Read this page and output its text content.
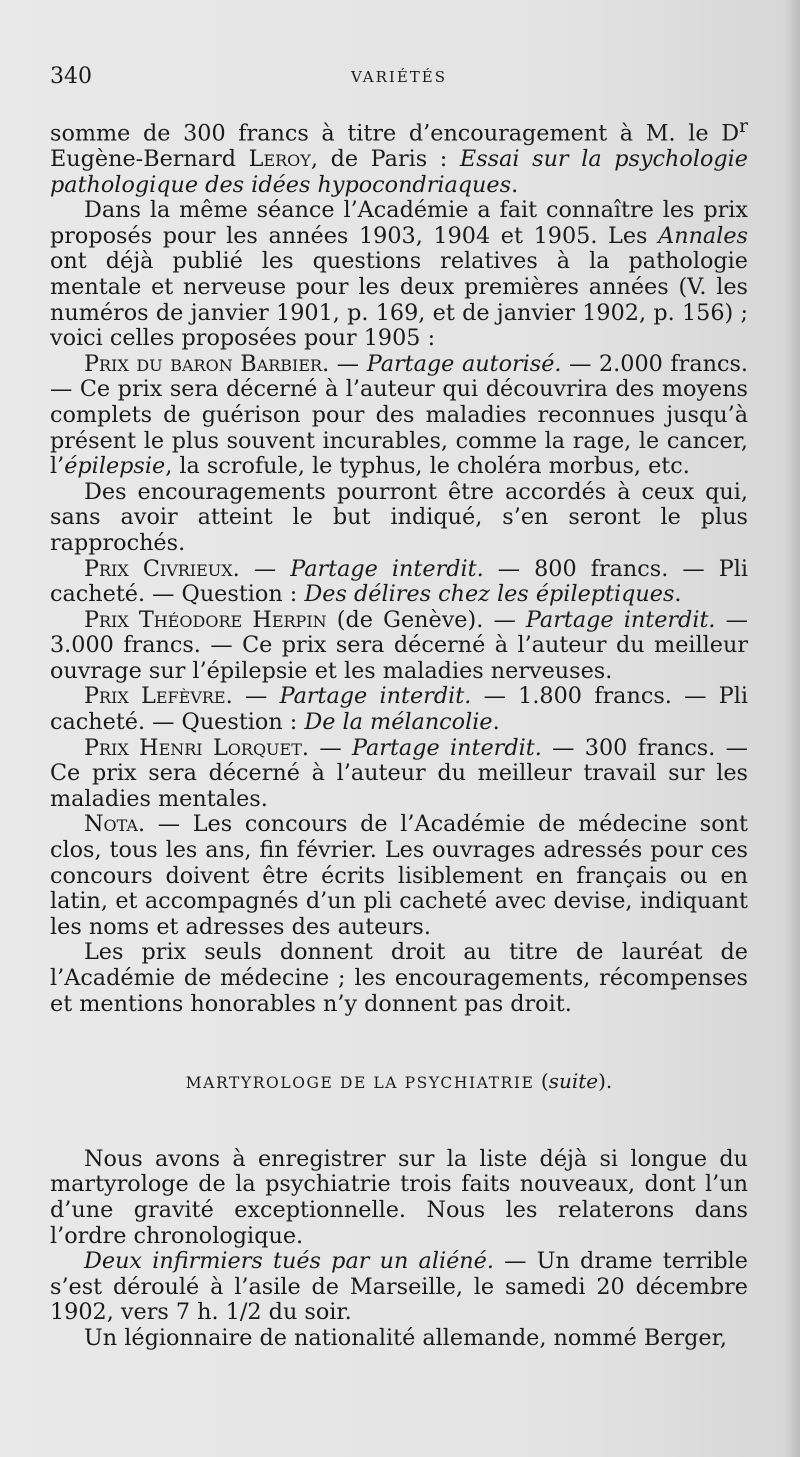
340	VARIÉTÉS

somme de 300 francs à titre d’encouragement à M. le $D^r$ Eugène-Bernard Leroy, de Paris : Essai sur la psychologie pathologique des idées hypocondriaques.

Dans la même séance l’Académie a fait connaître les prix proposés pour les années 1903, 1904 et 1905. Les Annales ont déjà publié les questions relatives à la pathologie mentale et nerveuse pour les deux premières années (V. les numéros de janvier 1901, p. 169, et de janvier 1902, p. 156) ; voici celles proposées pour 1905 :

Prix du baron Barbier. — Partage autorisé. — 2.000 francs. — Ce prix sera décerné à l’auteur qui découvrira des moyens complets de guérison pour des maladies reconnues jusqu’à présent le plus souvent incurables, comme la rage, le cancer, l’épilepsie, la scrofule, le typhus, le choléra morbus, etc.

Des encouragements pourront être accordés à ceux qui, sans avoir atteint le but indiqué, s’en seront le plus rapprochés.

Prix Civrieux. — Partage interdit. — 800 francs. — Pli cacheté. — Question : Des délires chez les épileptiques.

Prix Théodore Herpin (de Genève). — Partage interdit. — 3.000 francs. — Ce prix sera décerné à l’auteur du meilleur ouvrage sur l’épilepsie et les maladies nerveuses.

Prix Lefèvre. — Partage interdit. — 1.800 francs. — Pli cacheté. — Question : De la mélancolie.

Prix Henri Lorquet. — Partage interdit. — 300 francs. — Ce prix sera décerné à l’auteur du meilleur travail sur les maladies mentales.

Nota. — Les concours de l’Académie de médecine sont clos, tous les ans, fin février. Les ouvrages adressés pour ces concours doivent être écrits lisiblement en français ou en latin, et accompagnés d’un pli cacheté avec devise, indiquant les noms et adresses des auteurs.

Les prix seuls donnent droit au titre de lauréat de l’Académie de médecine ; les encouragements, récompenses et mentions honorables n’y donnent pas droit.

MARTYROLOGE DE LA PSYCHIATRIE (suite).

Nous avons à enregistrer sur la liste déjà si longue du martyrologe de la psychiatrie trois faits nouveaux, dont l’un d’une gravité exceptionnelle. Nous les relaterons dans l’ordre chronologique.

Deux infirmiers tués par un aliéné. — Un drame terrible s’est déroulé à l’asile de Marseille, le samedi 20 décembre 1902, vers 7 h. 1/2 du soir.

Un légionnaire de nationalité allemande, nommé Berger,
